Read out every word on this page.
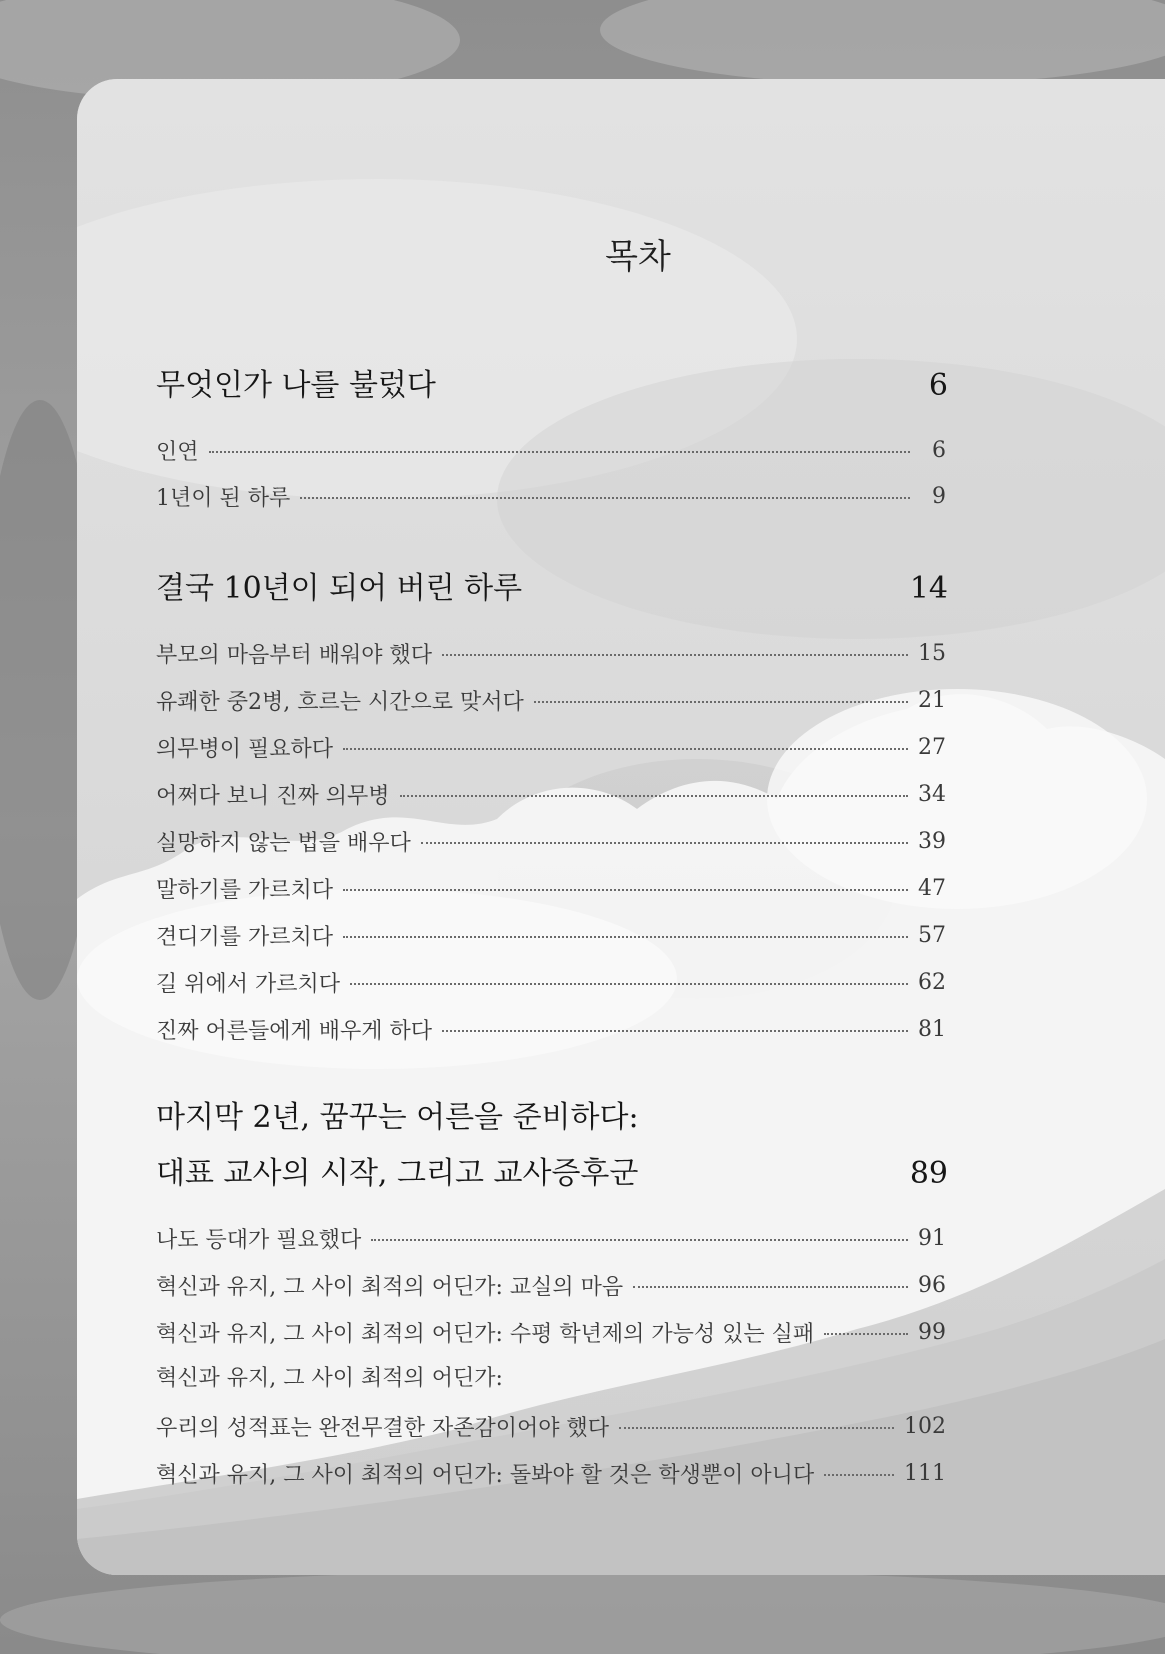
목차
무엇인가 나를 불렀다	6
인연	6
1년이 된 하루	9
결국 10년이 되어 버린 하루	14
부모의 마음부터 배워야 했다	15
유쾌한 중2병, 흐르는 시간으로 맞서다	21
의무병이 필요하다	27
어쩌다 보니 진짜 의무병	34
실망하지 않는 법을 배우다	39
말하기를 가르치다	47
견디기를 가르치다	57
길 위에서 가르치다	62
진짜 어른들에게 배우게 하다	81
마지막 2년, 꿈꾸는 어른을 준비하다:
대표 교사의 시작, 그리고 교사증후군	89
나도 등대가 필요했다	91
혁신과 유지, 그 사이 최적의 어딘가: 교실의 마음	96
혁신과 유지, 그 사이 최적의 어딘가: 수평 학년제의 가능성 있는 실패	99
혁신과 유지, 그 사이 최적의 어딘가:
우리의 성적표는 완전무결한 자존감이어야 했다	102
혁신과 유지, 그 사이 최적의 어딘가: 돌봐야 할 것은 학생뿐이 아니다	111
